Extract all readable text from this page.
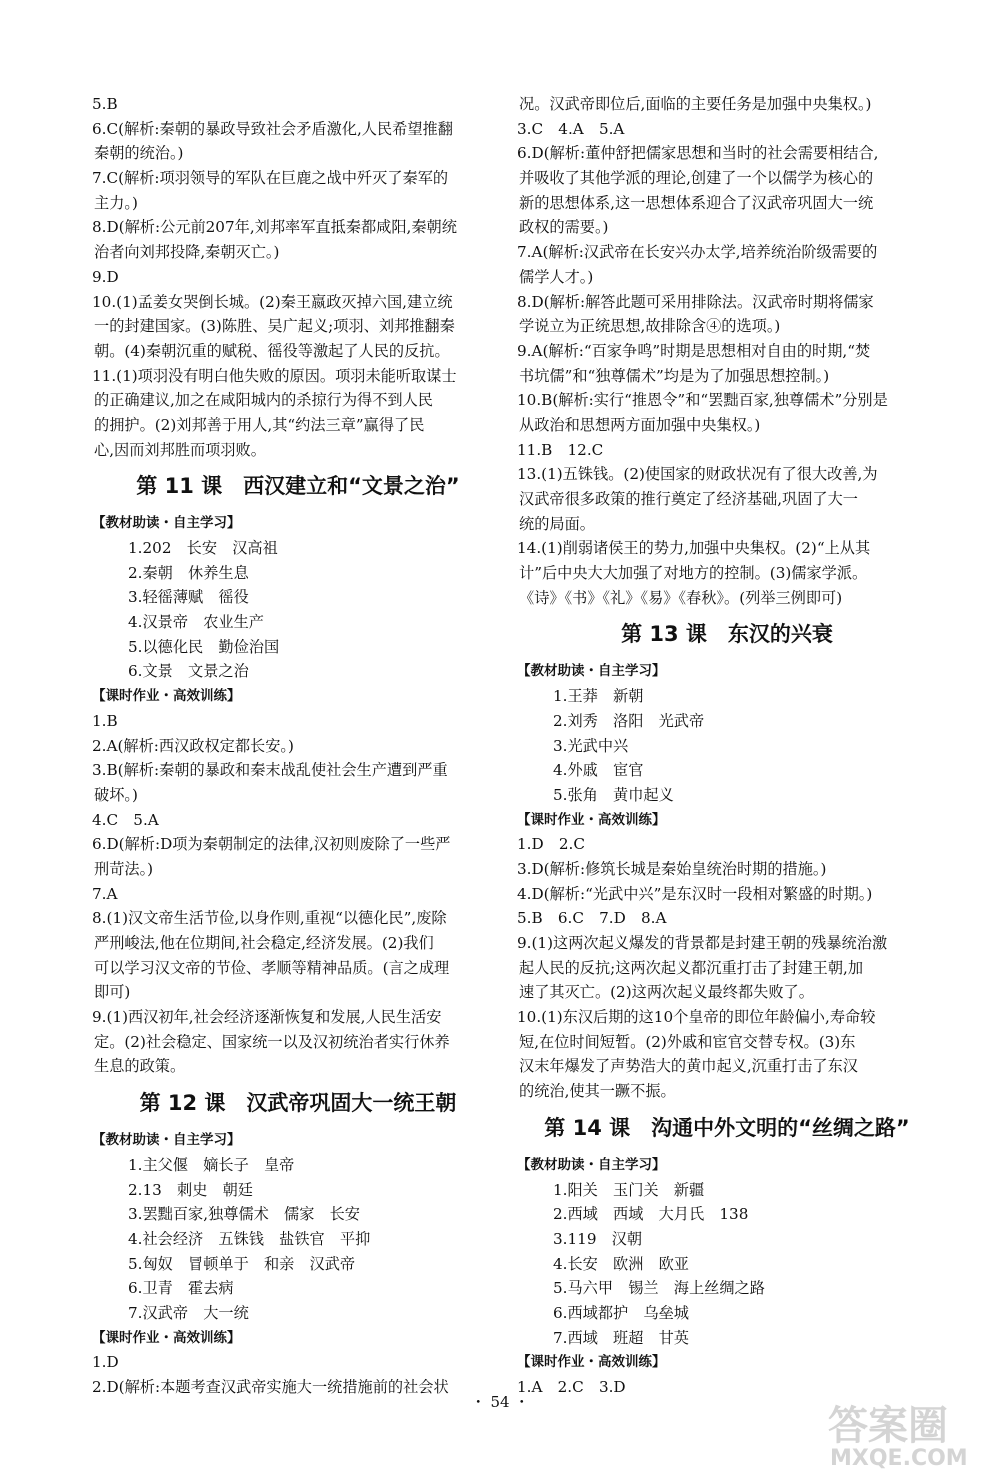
5.B
6.C(解析:秦朝的暴政导致社会矛盾激化,人民希望推翻
秦朝的统治。)
7.C(解析:项羽领导的军队在巨鹿之战中歼灭了秦军的
主力。)
8.D(解析:公元前207年,刘邦率军直抵秦都咸阳,秦朝统
治者向刘邦投降,秦朝灭亡。)
9.D
10.(1)孟姜女哭倒长城。(2)秦王嬴政灭掉六国,建立统
一的封建国家。(3)陈胜、吴广起义;项羽、刘邦推翻秦
朝。(4)秦朝沉重的赋税、徭役等激起了人民的反抗。
11.(1)项羽没有明白他失败的原因。项羽未能听取谋士
的正确建议,加之在咸阳城内的杀掠行为得不到人民
的拥护。(2)刘邦善于用人,其“约法三章”赢得了民
心,因而刘邦胜而项羽败。
第 11 课　西汉建立和“文景之治”
【教材助读・自主学习】
1.202　长安　汉高祖
2.秦朝　休养生息
3.轻徭薄赋　徭役
4.汉景帝　农业生产
5.以德化民　勤俭治国
6.文景　文景之治
【课时作业・高效训练】
1.B
2.A(解析:西汉政权定都长安。)
3.B(解析:秦朝的暴政和秦末战乱使社会生产遭到严重
破坏。)
4.C　5.A
6.D(解析:D项为秦朝制定的法律,汉初则废除了一些严
刑苛法。)
7.A
8.(1)汉文帝生活节俭,以身作则,重视“以德化民”,废除
严刑峻法,他在位期间,社会稳定,经济发展。(2)我们
可以学习汉文帝的节俭、孝顺等精神品质。(言之成理
即可)
9.(1)西汉初年,社会经济逐渐恢复和发展,人民生活安
定。(2)社会稳定、国家统一以及汉初统治者实行休养
生息的政策。
第 12 课　汉武帝巩固大一统王朝
【教材助读・自主学习】
1.主父偃　嫡长子　皇帝
2.13　刺史　朝廷
3.罢黜百家,独尊儒术　儒家　长安
4.社会经济　五铢钱　盐铁官　平抑
5.匈奴　冒顿单于　和亲　汉武帝
6.卫青　霍去病
7.汉武帝　大一统
【课时作业・高效训练】
1.D
2.D(解析:本题考查汉武帝实施大一统措施前的社会状
况。汉武帝即位后,面临的主要任务是加强中央集权。)
3.C　4.A　5.A
6.D(解析:董仲舒把儒家思想和当时的社会需要相结合,
并吸收了其他学派的理论,创建了一个以儒学为核心的
新的思想体系,这一思想体系迎合了汉武帝巩固大一统
政权的需要。)
7.A(解析:汉武帝在长安兴办太学,培养统治阶级需要的
儒学人才。)
8.D(解析:解答此题可采用排除法。汉武帝时期将儒家
学说立为正统思想,故排除含④的选项。)
9.A(解析:“百家争鸣”时期是思想相对自由的时期,“焚
书坑儒”和“独尊儒术”均是为了加强思想控制。)
10.B(解析:实行“推恩令”和“罢黜百家,独尊儒术”分别是
从政治和思想两方面加强中央集权。)
11.B　12.C
13.(1)五铢钱。(2)使国家的财政状况有了很大改善,为
汉武帝很多政策的推行奠定了经济基础,巩固了大一
统的局面。
14.(1)削弱诸侯王的势力,加强中央集权。(2)“上从其
计”后中央大大加强了对地方的控制。(3)儒家学派。
《诗》《书》《礼》《易》《春秋》。(列举三例即可)
第 13 课　东汉的兴衰
【教材助读・自主学习】
1.王莽　新朝
2.刘秀　洛阳　光武帝
3.光武中兴
4.外戚　宦官
5.张角　黄巾起义
【课时作业・高效训练】
1.D　2.C
3.D(解析:修筑长城是秦始皇统治时期的措施。)
4.D(解析:“光武中兴”是东汉时一段相对繁盛的时期。)
5.B　6.C　7.D　8.A
9.(1)这两次起义爆发的背景都是封建王朝的残暴统治激
起人民的反抗;这两次起义都沉重打击了封建王朝,加
速了其灭亡。(2)这两次起义最终都失败了。
10.(1)东汉后期的这10个皇帝的即位年龄偏小,寿命较
短,在位时间短暂。(2)外戚和宦官交替专权。(3)东
汉末年爆发了声势浩大的黄巾起义,沉重打击了东汉
的统治,使其一蹶不振。
第 14 课　沟通中外文明的“丝绸之路”
【教材助读・自主学习】
1.阳关　玉门关　新疆
2.西域　西域　大月氏　138
3.119　汉朝
4.长安　欧洲　欧亚
5.马六甲　锡兰　海上丝绸之路
6.西域都护　乌垒城
7.西域　班超　甘英
【课时作业・高效训练】
1.A　2.C　3.D
・ 54 ・
答案圈
MXQE.COM
